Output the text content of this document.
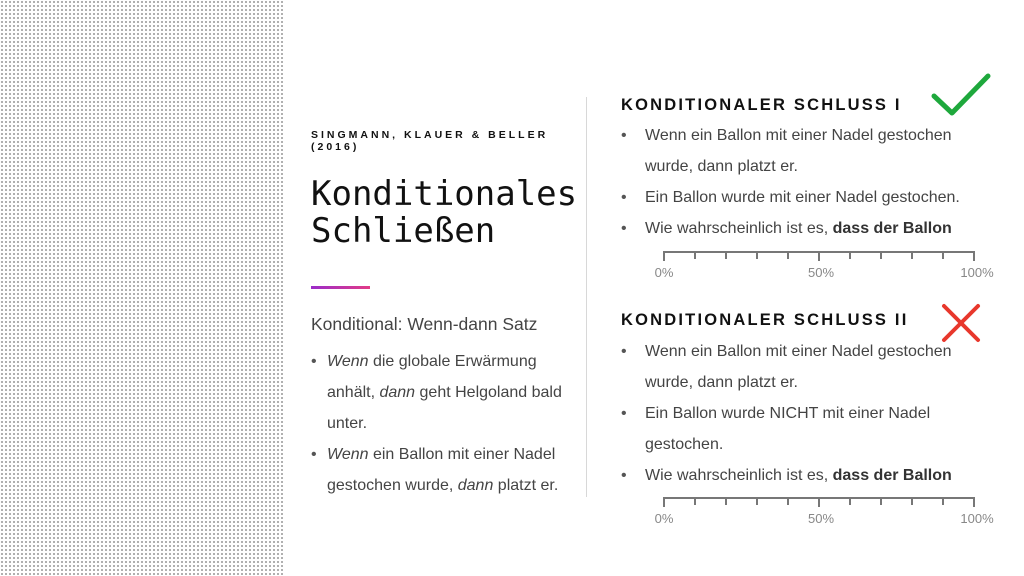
SINGMANN, KLAUER & BELLER (2016)
Konditionales
Schließen
Konditional: Wenn-dann Satz
• Wenn die globale Erwärmung anhält, dann geht Helgoland bald unter.
• Wenn ein Ballon mit einer Nadel gestochen wurde, dann platzt er.
KONDITIONALER SCHLUSS I
• Wenn ein Ballon mit einer Nadel gestochen wurde, dann platzt er.
• Ein Ballon wurde mit einer Nadel gestochen.
• Wie wahrscheinlich ist es, dass der Ballon
0%	50%	100%
KONDITIONALER SCHLUSS II
• Wenn ein Ballon mit einer Nadel gestochen wurde, dann platzt er.
• Ein Ballon wurde NICHT mit einer Nadel gestochen.
• Wie wahrscheinlich ist es, dass der Ballon
0%	50%	100%
